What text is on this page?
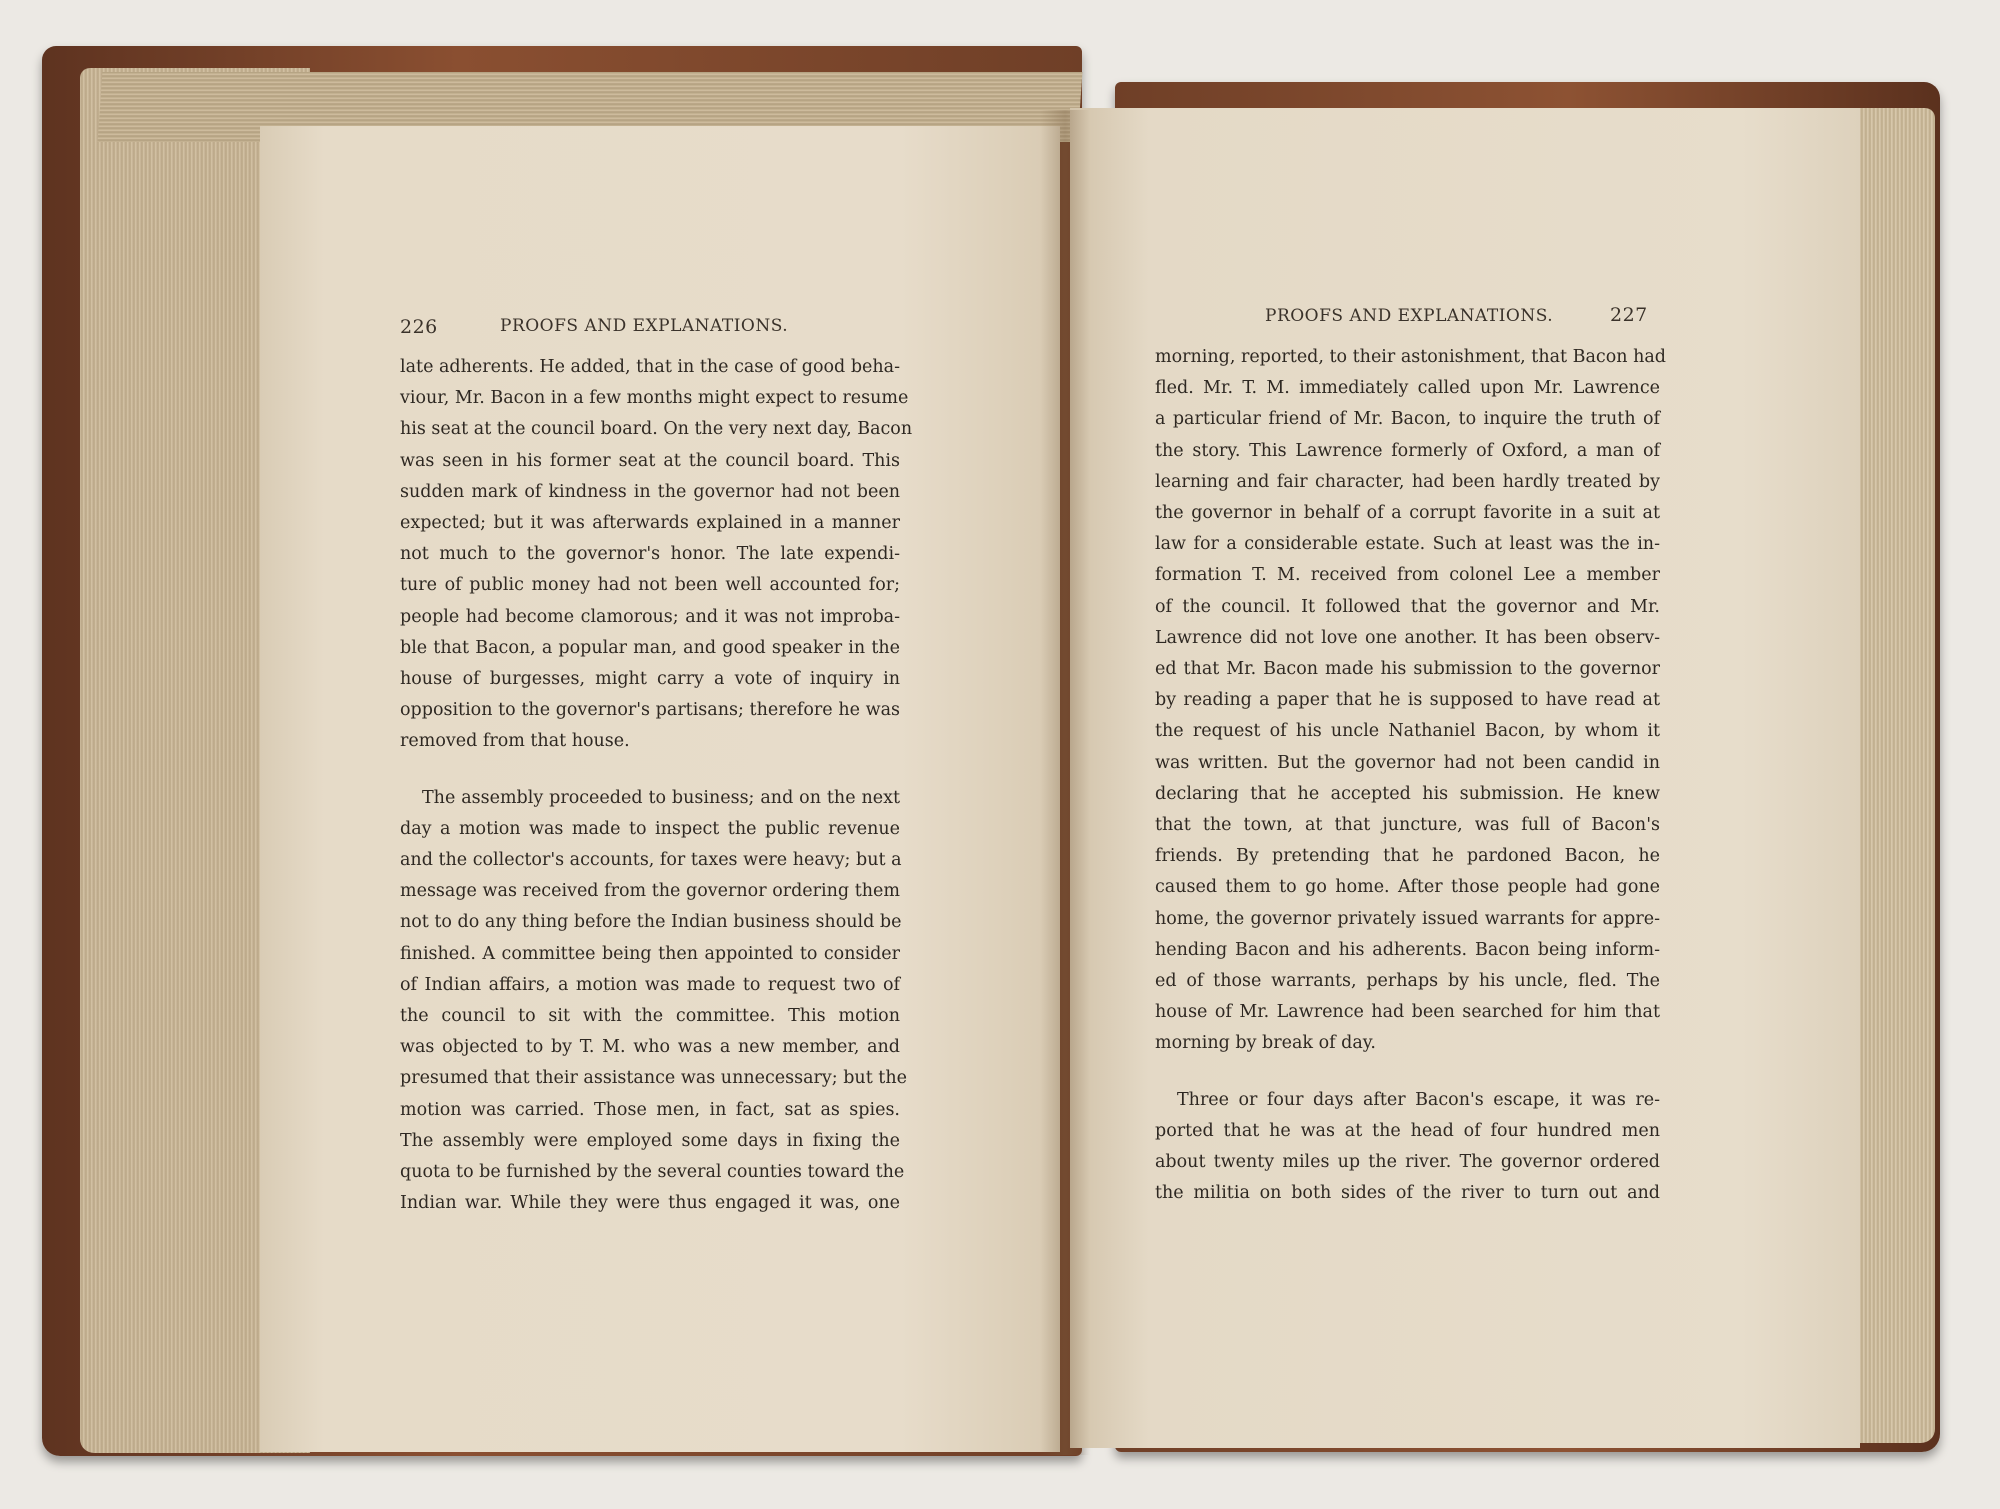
226	PROOFS AND EXPLANATIONS.
late adherents. He added, that in the case of good beha-
viour, Mr. Bacon in a few months might expect to resume
his seat at the council board. On the very next day, Bacon
was seen in his former seat at the council board. This
sudden mark of kindness in the governor had not been
expected; but it was afterwards explained in a manner
not much to the governor's honor. The late expendi-
ture of public money had not been well accounted for;
people had become clamorous; and it was not improba-
ble that Bacon, a popular man, and good speaker in the
house of burgesses, might carry a vote of inquiry in
opposition to the governor's partisans; therefore he was
removed from that house.
The assembly proceeded to business; and on the next
day a motion was made to inspect the public revenue
and the collector's accounts, for taxes were heavy; but a
message was received from the governor ordering them
not to do any thing before the Indian business should be
finished. A committee being then appointed to consider
of Indian affairs, a motion was made to request two of
the council to sit with the committee. This motion
was objected to by T. M. who was a new member, and
presumed that their assistance was unnecessary; but the
motion was carried. Those men, in fact, sat as spies.
The assembly were employed some days in fixing the
quota to be furnished by the several counties toward the
Indian war. While they were thus engaged it was, one
PROOFS AND EXPLANATIONS.	227
morning, reported, to their astonishment, that Bacon had
fled. Mr. T. M. immediately called upon Mr. Lawrence
a particular friend of Mr. Bacon, to inquire the truth of
the story. This Lawrence formerly of Oxford, a man of
learning and fair character, had been hardly treated by
the governor in behalf of a corrupt favorite in a suit at
law for a considerable estate. Such at least was the in-
formation T. M. received from colonel Lee a member
of the council. It followed that the governor and Mr.
Lawrence did not love one another. It has been observ-
ed that Mr. Bacon made his submission to the governor
by reading a paper that he is supposed to have read at
the request of his uncle Nathaniel Bacon, by whom it
was written. But the governor had not been candid in
declaring that he accepted his submission. He knew
that the town, at that juncture, was full of Bacon's
friends. By pretending that he pardoned Bacon, he
caused them to go home. After those people had gone
home, the governor privately issued warrants for appre-
hending Bacon and his adherents. Bacon being inform-
ed of those warrants, perhaps by his uncle, fled. The
house of Mr. Lawrence had been searched for him that
morning by break of day.
Three or four days after Bacon's escape, it was re-
ported that he was at the head of four hundred men
about twenty miles up the river. The governor ordered
the militia on both sides of the river to turn out and
